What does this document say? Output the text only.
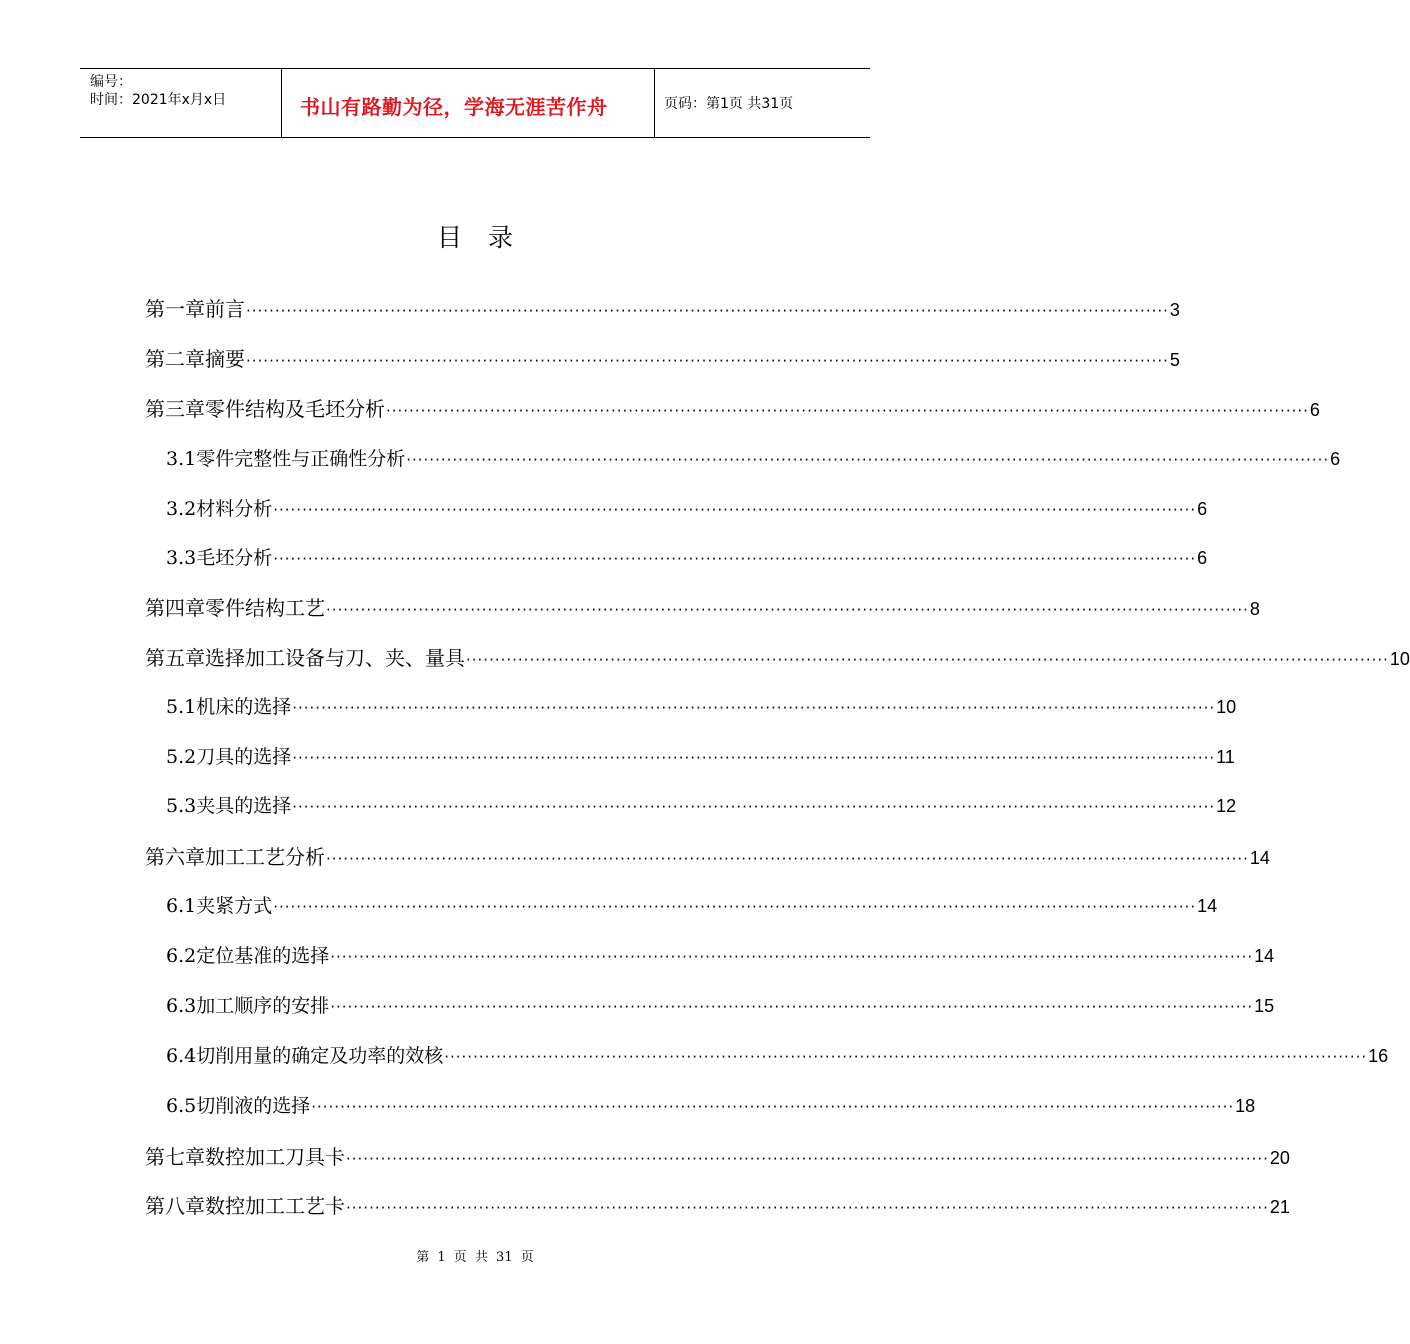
编号：
时间：2021年x月x日	书山有路勤为径，学海无涯苦作舟	页码：第1页 共31页
目录
第一章 前言 ································································································································································ 3
第二章 摘要 ································································································································································ 5
第三章 零件结构及毛坯分析 ································································································································································ 6
3.1 零件完整性与正确性分析 ································································································································································ 6
3.2 材料分析 ································································································································································ 6
3.3 毛坯分析 ································································································································································ 6
第四章 零件结构工艺 ································································································································································ 8
第五章 选择加工设备与刀、夹、量具 ································································································································································ 10
5.1 机床的选择 ································································································································································ 10
5.2 刀具的选择 ································································································································································ 11
5.3 夹具的选择 ································································································································································ 12
第六章 加工工艺分析 ································································································································································ 14
6.1 夹紧方式 ································································································································································ 14
6.2 定位基准的选择 ································································································································································ 14
6.3 加工顺序的安排 ································································································································································ 15
6.4 切削用量的确定及功率的效核 ································································································································································ 16
6.5 切削液的选择 ································································································································································ 18
第七章 数控加工刀具卡 ································································································································································ 20
第八章 数控加工工艺卡 ································································································································································ 21
第 1 页 共 31 页
